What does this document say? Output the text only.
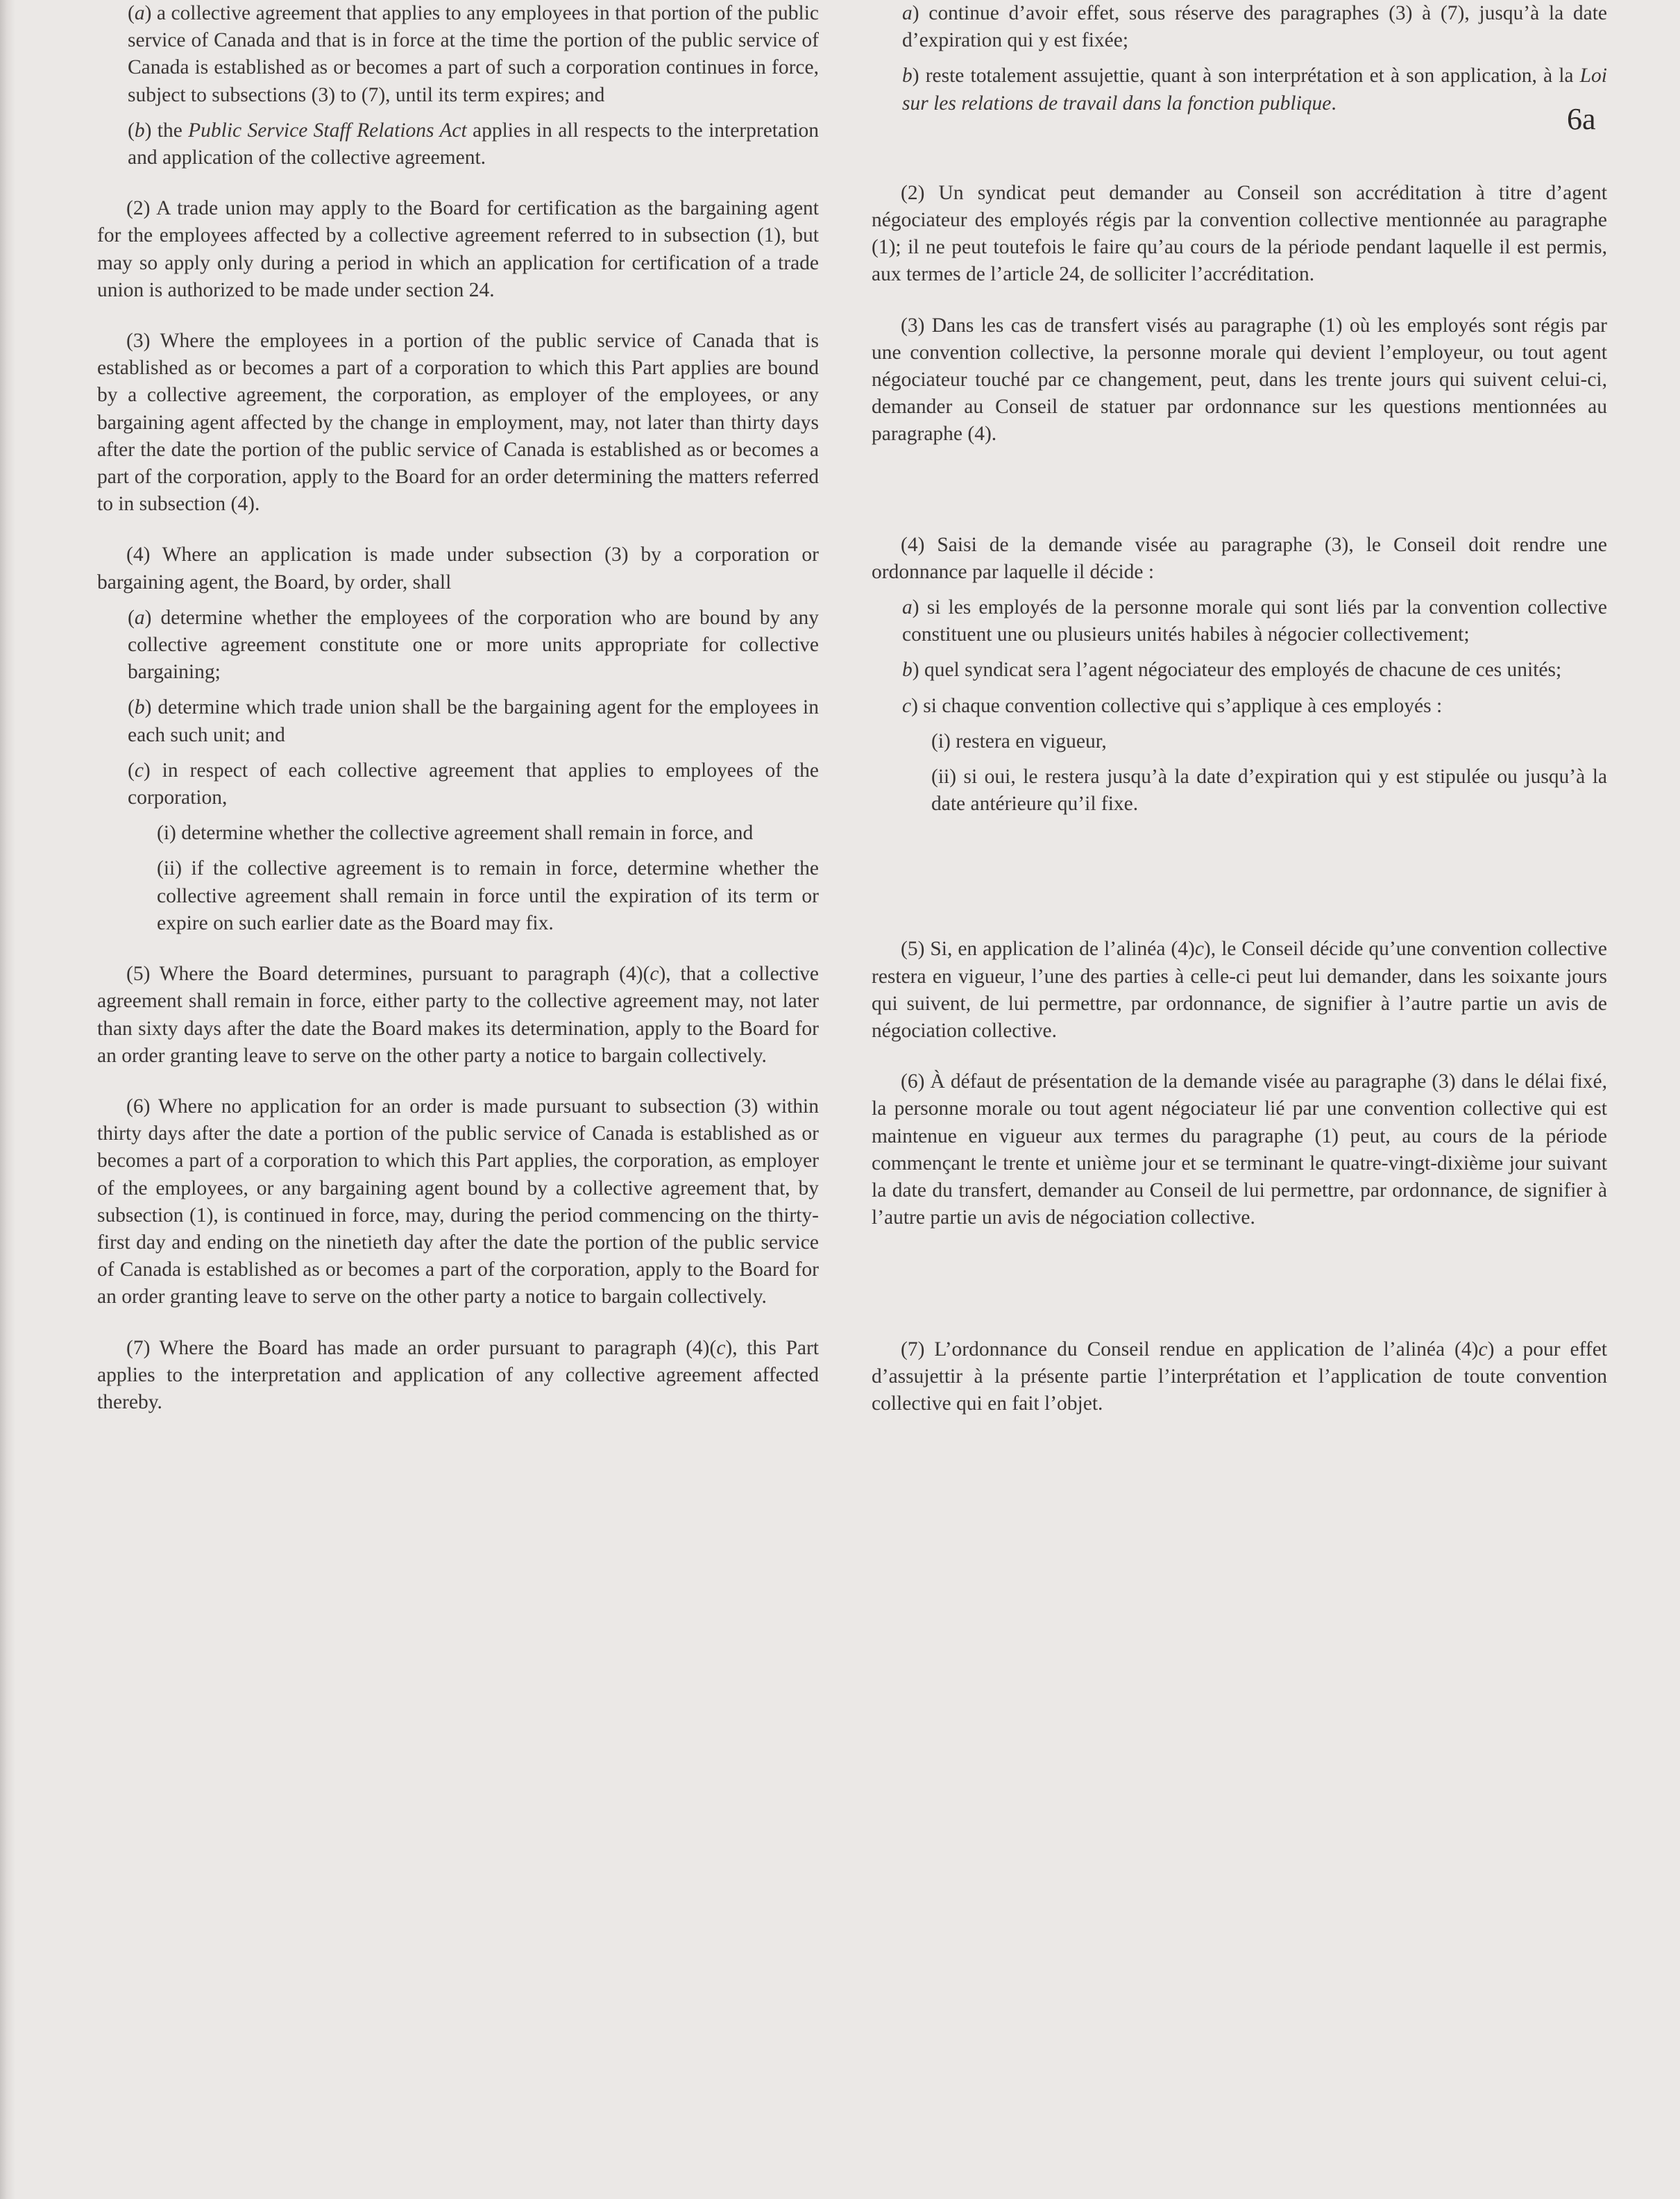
6a

(a) a collective agreement that applies to any employees in that portion of the public service of Canada and that is in force at the time the portion of the public service of Canada is established as or becomes a part of such a corporation continues in force, subject to subsections (3) to (7), until its term expires; and

(b) the Public Service Staff Relations Act applies in all respects to the interpretation and application of the collective agreement.

(2) A trade union may apply to the Board for certification as the bargaining agent for the employees affected by a collective agreement referred to in subsection (1), but may so apply only during a period in which an application for certification of a trade union is authorized to be made under section 24.

(3) Where the employees in a portion of the public service of Canada that is established as or becomes a part of a corporation to which this Part applies are bound by a collective agreement, the corporation, as employer of the employees, or any bargaining agent affected by the change in employment, may, not later than thirty days after the date the portion of the public service of Canada is established as or becomes a part of the corporation, apply to the Board for an order determining the matters referred to in subsection (4).

(4) Where an application is made under subsection (3) by a corporation or bargaining agent, the Board, by order, shall

(a) determine whether the employees of the corporation who are bound by any collective agreement constitute one or more units appropriate for collective bargaining;

(b) determine which trade union shall be the bargaining agent for the employees in each such unit; and

(c) in respect of each collective agreement that applies to employees of the corporation,

(i) determine whether the collective agreement shall remain in force, and

(ii) if the collective agreement is to remain in force, determine whether the collective agreement shall remain in force until the expiration of its term or expire on such earlier date as the Board may fix.

(5) Where the Board determines, pursuant to paragraph (4)(c), that a collective agreement shall remain in force, either party to the collective agreement may, not later than sixty days after the date the Board makes its determination, apply to the Board for an order granting leave to serve on the other party a notice to bargain collectively.

(6) Where no application for an order is made pursuant to subsection (3) within thirty days after the date a portion of the public service of Canada is established as or becomes a part of a corporation to which this Part applies, the corporation, as employer of the employees, or any bargaining agent bound by a collective agreement that, by subsection (1), is continued in force, may, during the period commencing on the thirty-first day and ending on the ninetieth day after the date the portion of the public service of Canada is established as or becomes a part of the corporation, apply to the Board for an order granting leave to serve on the other party a notice to bargain collectively.

(7) Where the Board has made an order pursuant to paragraph (4)(c), this Part applies to the interpretation and application of any collective agreement affected thereby.

a) continue d’avoir effet, sous réserve des paragraphes (3) à (7), jusqu’à la date d’expiration qui y est fixée;

b) reste totalement assujettie, quant à son interprétation et à son application, à la Loi sur les relations de travail dans la fonction publique.

(2) Un syndicat peut demander au Conseil son accréditation à titre d’agent négociateur des employés régis par la convention collective mentionnée au paragraphe (1); il ne peut toutefois le faire qu’au cours de la période pendant laquelle il est permis, aux termes de l’article 24, de solliciter l’accréditation.

(3) Dans les cas de transfert visés au paragraphe (1) où les employés sont régis par une convention collective, la personne morale qui devient l’employeur, ou tout agent négociateur touché par ce changement, peut, dans les trente jours qui suivent celui-ci, demander au Conseil de statuer par ordonnance sur les questions mentionnées au paragraphe (4).

(4) Saisi de la demande visée au paragraphe (3), le Conseil doit rendre une ordonnance par laquelle il décide :

a) si les employés de la personne morale qui sont liés par la convention collective constituent une ou plusieurs unités habiles à négocier collectivement;

b) quel syndicat sera l’agent négociateur des employés de chacune de ces unités;

c) si chaque convention collective qui s’applique à ces employés :

(i) restera en vigueur,

(ii) si oui, le restera jusqu’à la date d’expiration qui y est stipulée ou jusqu’à la date antérieure qu’il fixe.

(5) Si, en application de l’alinéa (4)c), le Conseil décide qu’une convention collective restera en vigueur, l’une des parties à celle-ci peut lui demander, dans les soixante jours qui suivent, de lui permettre, par ordonnance, de signifier à l’autre partie un avis de négociation collective.

(6) À défaut de présentation de la demande visée au paragraphe (3) dans le délai fixé, la personne morale ou tout agent négociateur lié par une convention collective qui est maintenue en vigueur aux termes du paragraphe (1) peut, au cours de la période commençant le trente et unième jour et se terminant le quatre-vingt-dixième jour suivant la date du transfert, demander au Conseil de lui permettre, par ordonnance, de signifier à l’autre partie un avis de négociation collective.

(7) L’ordonnance du Conseil rendue en application de l’alinéa (4)c) a pour effet d’assujettir à la présente partie l’interprétation et l’application de toute convention collective qui en fait l’objet.
